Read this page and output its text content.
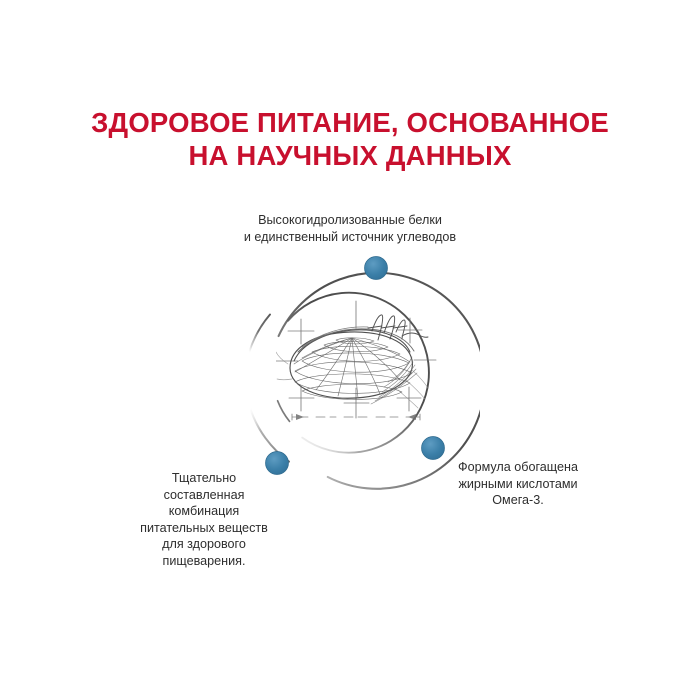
ЗДОРОВОЕ ПИТАНИЕ, ОСНОВАННОЕ
НА НАУЧНЫХ ДАННЫХ
Высокогидролизованные белки
и единственный источник углеводов
Формула обогащена
жирными кислотами
Омега-3.
Тщательно
составленная
комбинация
питательных веществ
для здорового
пищеварения.
